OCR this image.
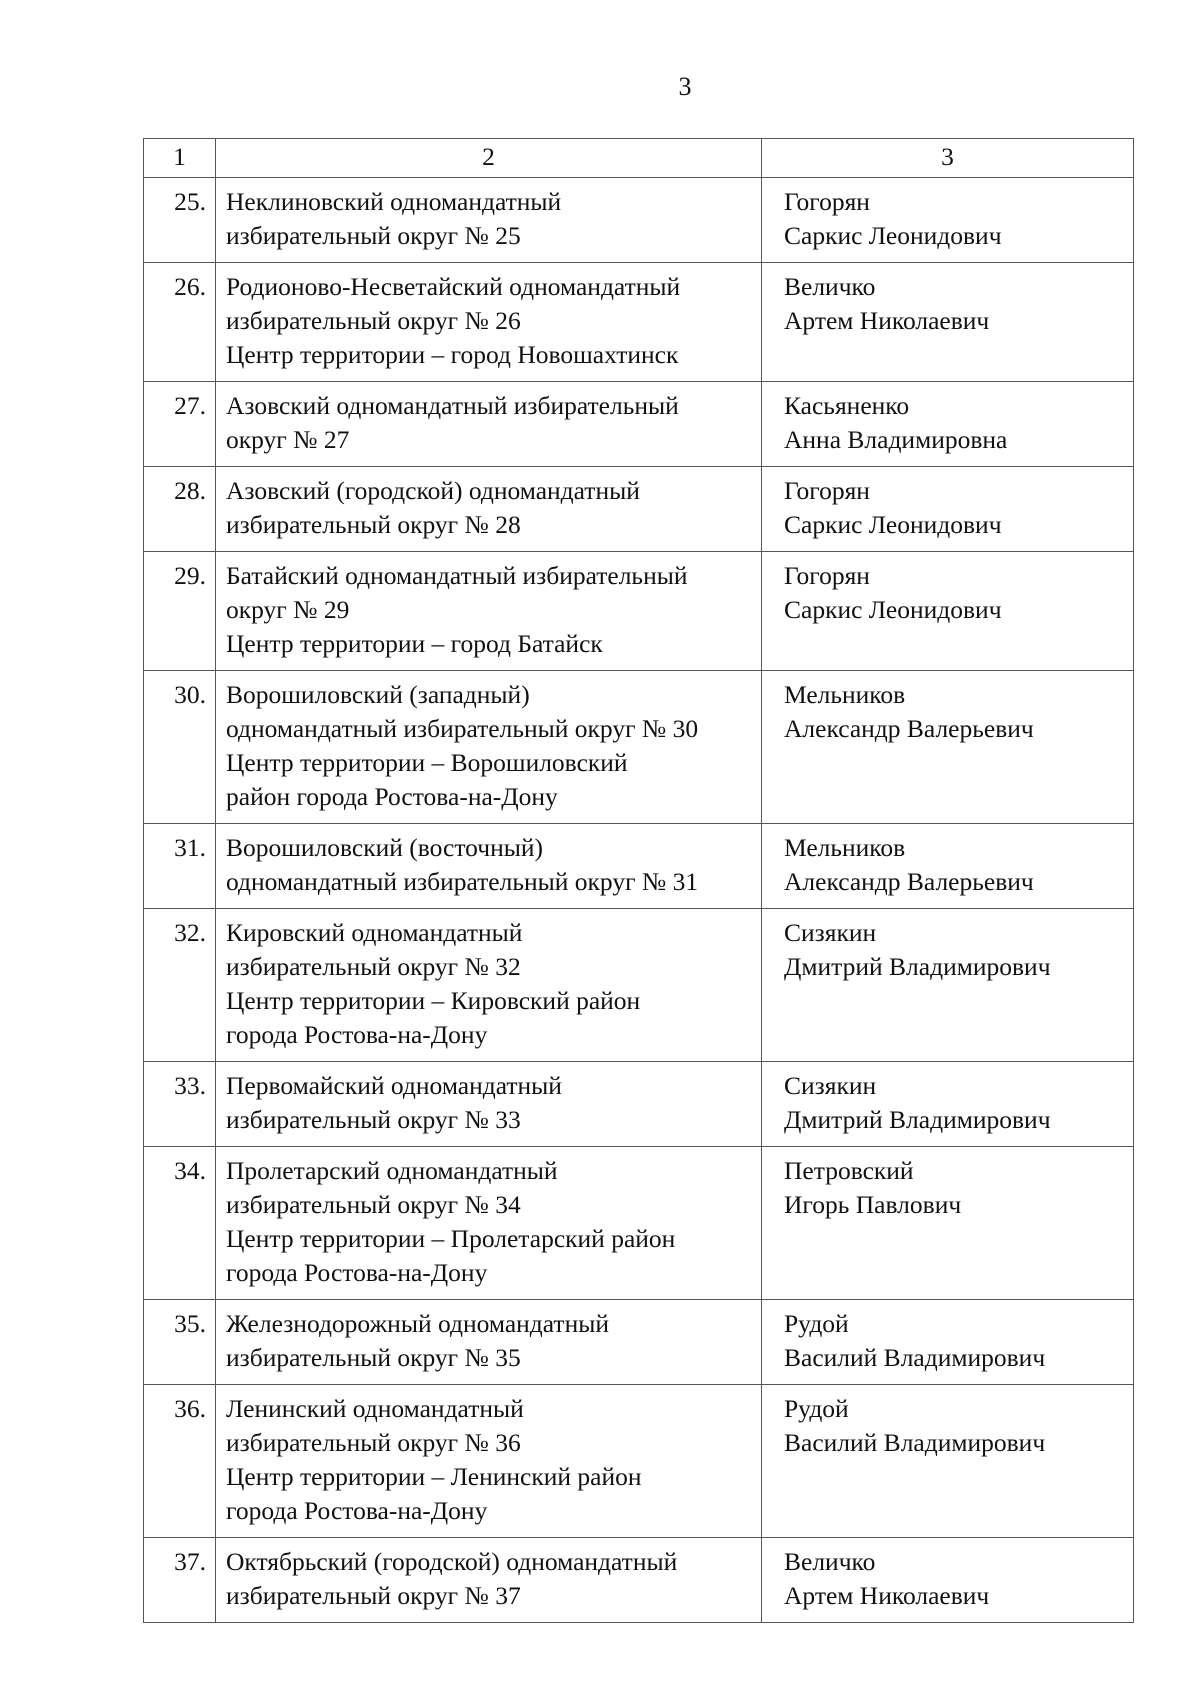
3
1	2	3
25.	Неклиновский одномандатный
избирательный округ № 25	Гогорян
Саркис Леонидович

26.	Родионово-Несветайский одномандатный
избирательный округ № 26
Центр территории – город Новошахтинск	Величко
Артем Николаевич

27.	Азовский одномандатный избирательный
округ № 27	Касьяненко
Анна Владимировна

28.	Азовский (городской) одномандатный
избирательный округ № 28	Гогорян
Саркис Леонидович

29.	Батайский одномандатный избирательный
округ № 29
Центр территории – город Батайск	Гогорян
Саркис Леонидович

30.	Ворошиловский (западный)
одномандатный избирательный округ № 30
Центр территории – Ворошиловский
район города Ростова-на-Дону	Мельников
Александр Валерьевич

31.	Ворошиловский (восточный)
одномандатный избирательный округ № 31	Мельников
Александр Валерьевич

32.	Кировский одномандатный
избирательный округ № 32
Центр территории – Кировский район
города Ростова-на-Дону	Сизякин
Дмитрий Владимирович

33.	Первомайский одномандатный
избирательный округ № 33	Сизякин
Дмитрий Владимирович

34.	Пролетарский одномандатный
избирательный округ № 34
Центр территории – Пролетарский район
города Ростова-на-Дону	Петровский
Игорь Павлович

35.	Железнодорожный одномандатный
избирательный округ № 35	Рудой
Василий Владимирович

36.	Ленинский одномандатный
избирательный округ № 36
Центр территории – Ленинский район
города Ростова-на-Дону	Рудой
Василий Владимирович

37.	Октябрьский (городской) одномандатный
избирательный округ № 37	Величко
Артем Николаевич
